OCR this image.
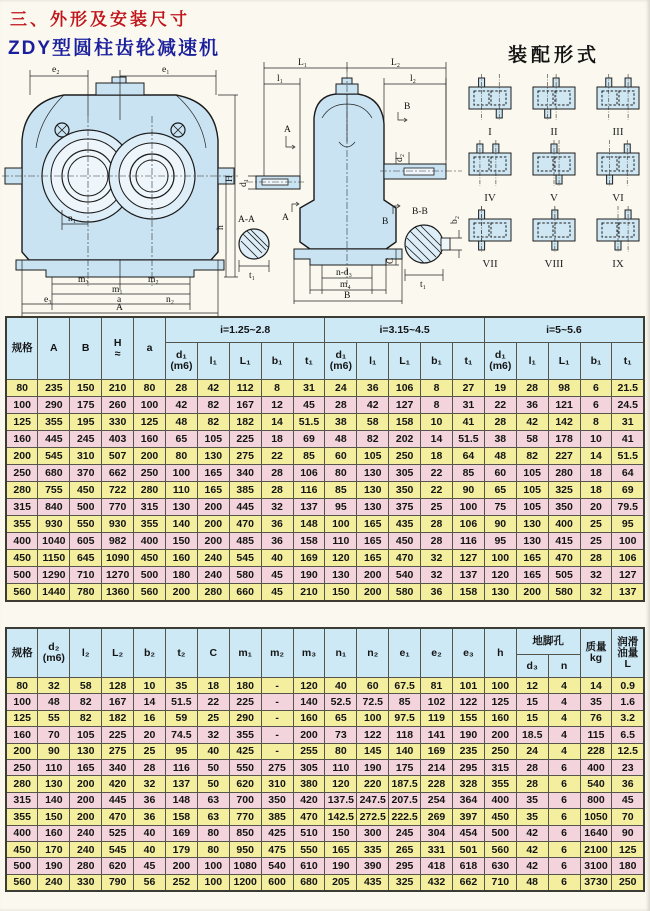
三、外形及安装尺寸
ZDY型圆柱齿轮减速机
e₂	e₁
H
h
n₁
m₃	m₂
m₁
e₃	a	n₂
A
L₁	L₂
l₁	l₂
A
B
A	B
d₁
d₂
A-A
t₁
B-B
b₂
t₁
C
n-d₃
m₄
B
装配形式
I	II	III
IV	V	VI
VII	VIII	IX
规格	A	B	H
≈	a	i=1.25~2.8					i=3.15~4.5					i=5~5.6				
					d₁
(m6)	l₁	L₁	b₁	t₁	d₁
(m6)	l₁	L₁	b₁	t₁	d₁
(m6)	l₁	L₁	b₁	t₁
80	235	150	210	80	28	42	112	8	31	24	36	106	8	27	19	28	98	6	21.5
100	290	175	260	100	42	82	167	12	45	28	42	127	8	31	22	36	121	6	24.5
125	355	195	330	125	48	82	182	14	51.5	38	58	158	10	41	28	42	142	8	31
160	445	245	403	160	65	105	225	18	69	48	82	202	14	51.5	38	58	178	10	41
200	545	310	507	200	80	130	275	22	85	60	105	250	18	64	48	82	227	14	51.5
250	680	370	662	250	100	165	340	28	106	80	130	305	22	85	60	105	280	18	64
280	755	450	722	280	110	165	385	28	116	85	130	350	22	90	65	105	325	18	69
315	840	500	770	315	130	200	445	32	137	95	130	375	25	100	75	105	350	20	79.5
355	930	550	930	355	140	200	470	36	148	100	165	435	28	106	90	130	400	25	95
400	1040	605	982	400	150	200	485	36	158	110	165	450	28	116	95	130	415	25	100
450	1150	645	1090	450	160	240	545	40	169	120	165	470	32	127	100	165	470	28	106
500	1290	710	1270	500	180	240	580	45	190	130	200	540	32	137	120	165	505	32	127
560	1440	780	1360	560	200	280	660	45	210	150	200	580	36	158	130	200	580	32	137
规格	d₂
(m6)	l₂	L₂	b₂	t₂	C	m₁	m₂	m₃	n₁	n₂	e₁	e₂	e₃	h	地脚孔		质量
kg	润滑
油量
L
																d₃	n		
80	32	58	128	10	35	18	180	-	120	40	60	67.5	81	101	100	12	4	14	0.9
100	48	82	167	14	51.5	22	225	-	140	52.5	72.5	85	102	122	125	15	4	35	1.6
125	55	82	182	16	59	25	290	-	160	65	100	97.5	119	155	160	15	4	76	3.2
160	70	105	225	20	74.5	32	355	-	200	73	122	118	141	190	200	18.5	4	115	6.5
200	90	130	275	25	95	40	425	-	255	80	145	140	169	235	250	24	4	228	12.5
250	110	165	340	28	116	50	550	275	305	110	190	175	214	295	315	28	6	400	23
280	130	200	420	32	137	50	620	310	380	120	220	187.5	228	328	355	28	6	540	36
315	140	200	445	36	148	63	700	350	420	137.5	247.5	207.5	254	364	400	35	6	800	45
355	150	200	470	36	158	63	770	385	470	142.5	272.5	222.5	269	397	450	35	6	1050	70
400	160	240	525	40	169	80	850	425	510	150	300	245	304	454	500	42	6	1640	90
450	170	240	545	40	179	80	950	475	550	165	335	265	331	501	560	42	6	2100	125
500	190	280	620	45	200	100	1080	540	610	190	390	295	418	618	630	42	6	3100	180
560	240	330	790	56	252	100	1200	600	680	205	435	325	432	662	710	48	6	3730	250
